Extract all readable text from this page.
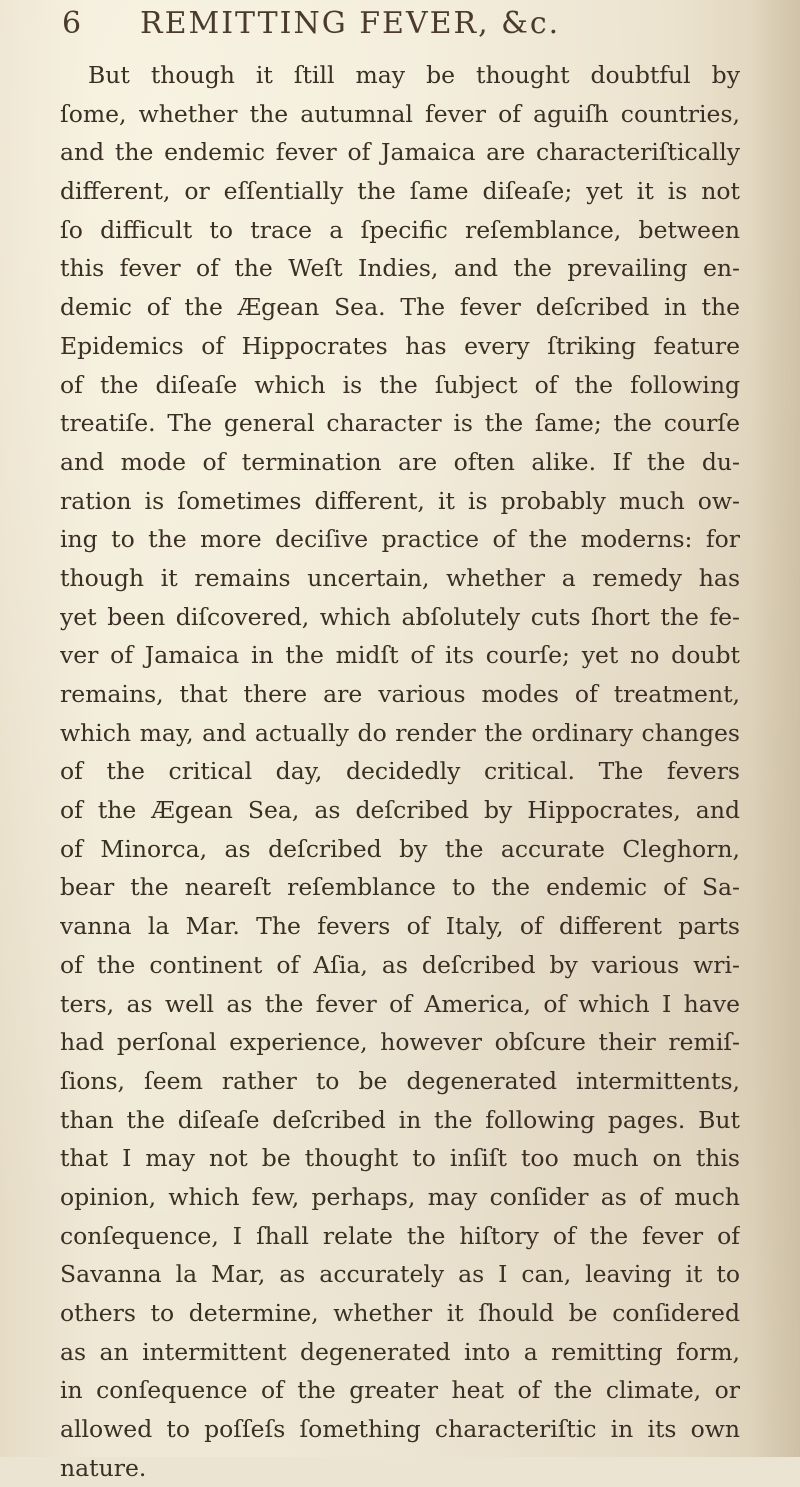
6 REMITTING FEVER, &c.
But though it ſtill may be thought doubtful by
ſome, whether the autumnal fever of aguiſh countries,
and the endemic fever of Jamaica are characteriſtically
different, or eſſentially the ſame diſeaſe; yet it is not
ſo difficult to trace a ſpecific reſemblance, between
this fever of the Weſt Indies, and the prevailing en-
demic of the Ægean Sea. The fever deſcribed in the
Epidemics of Hippocrates has every ſtriking feature
of the diſeaſe which is the ſubject of the following
treatiſe. The general character is the ſame; the courſe
and mode of termination are often alike. If the du-
ration is ſometimes different, it is probably much ow-
ing to the more deciſive practice of the moderns: for
though it remains uncertain, whether a remedy has
yet been diſcovered, which abſolutely cuts ſhort the fe-
ver of Jamaica in the midſt of its courſe; yet no doubt
remains, that there are various modes of treatment,
which may, and actually do render the ordinary changes
of the critical day, decidedly critical. The fevers
of the Ægean Sea, as deſcribed by Hippocrates, and
of Minorca, as deſcribed by the accurate Cleghorn,
bear the neareſt reſemblance to the endemic of Sa-
vanna la Mar. The fevers of Italy, of different parts
of the continent of Aſia, as deſcribed by various wri-
ters, as well as the fever of America, of which I have
had perſonal experience, however obſcure their remiſ-
ſions, ſeem rather to be degenerated intermittents,
than the diſeaſe deſcribed in the following pages. But
that I may not be thought to inſiſt too much on this
opinion, which few, perhaps, may conſider as of much
conſequence, I ſhall relate the hiſtory of the fever of
Savanna la Mar, as accurately as I can, leaving it to
others to determine, whether it ſhould be conſidered
as an intermittent degenerated into a remitting form,
in conſequence of the greater heat of the climate, or
allowed to poſſeſs ſomething characteriſtic in its own
nature.
